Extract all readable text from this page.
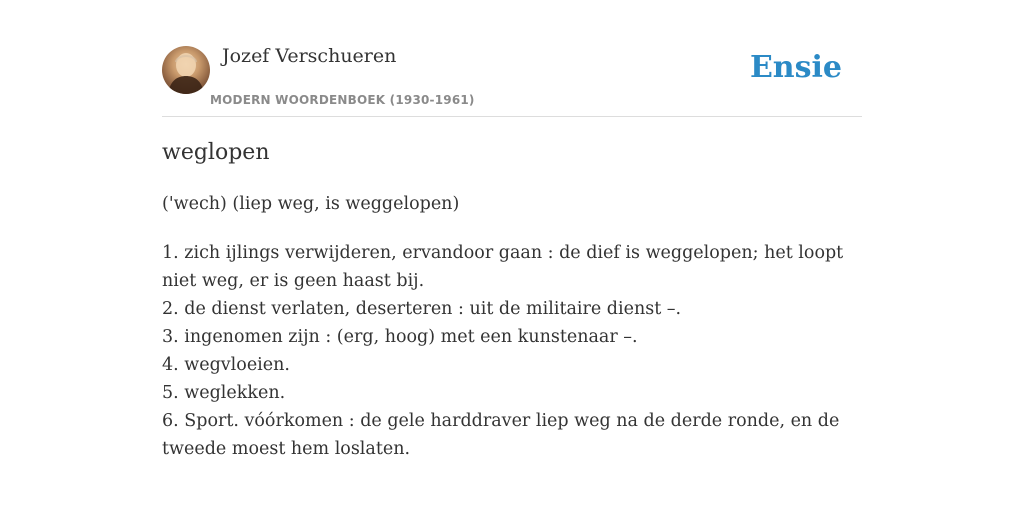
Jozef Verschueren
MODERN WOORDENBOEK (1930-1961)
Ensie
weglopen
('wech) (liep weg, is weggelopen)
1. zich ijlings verwijderen, ervandoor gaan : de dief is weggelopen; het loopt niet weg, er is geen haast bij.
2. de dienst verlaten, deserteren : uit de militaire dienst –.
3. ingenomen zijn : (erg, hoog) met een kunstenaar –.
4. wegvloeien.
5. weglekken.
6. Sport. vóórkomen : de gele harddraver liep weg na de derde ronde, en de tweede moest hem loslaten.
